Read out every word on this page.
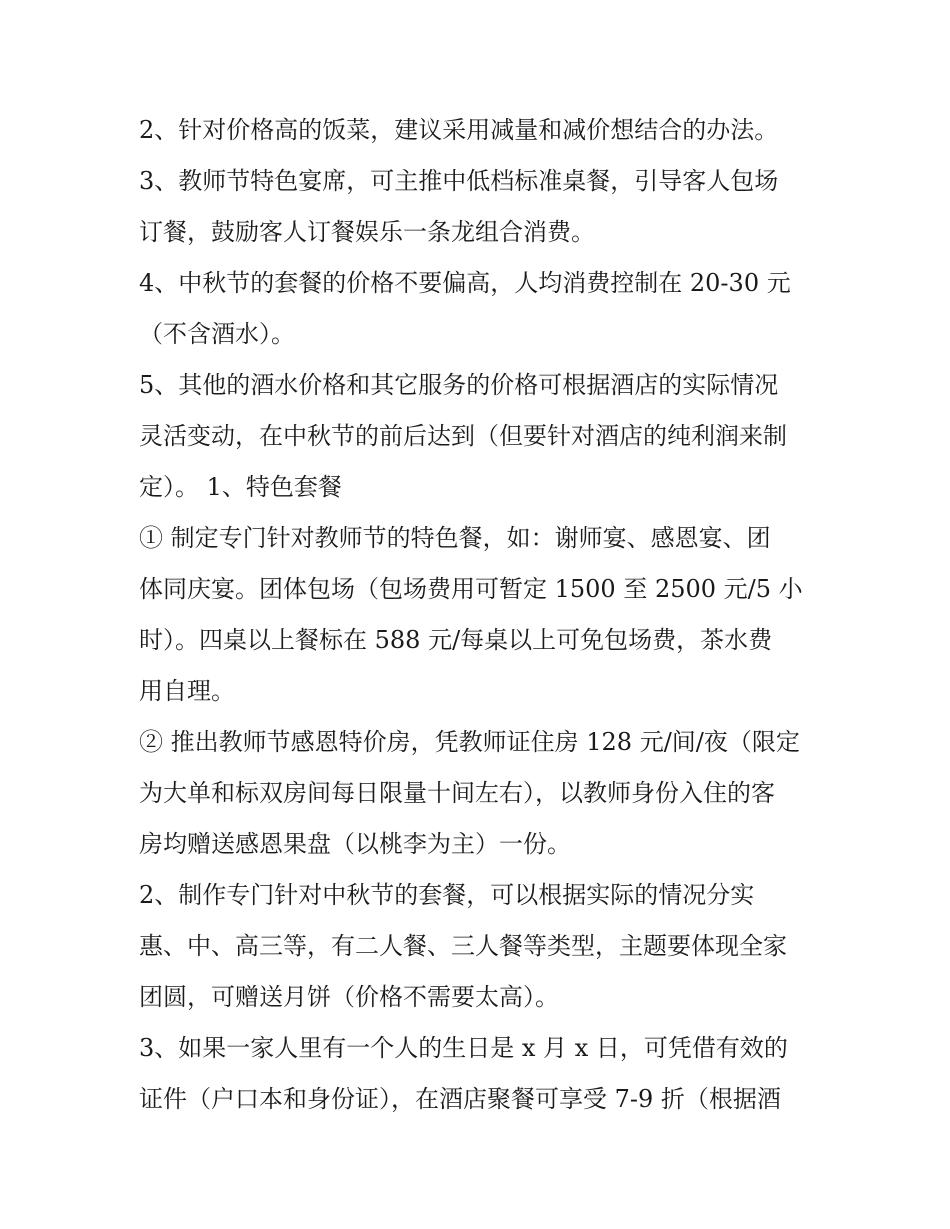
2、针对价格高的饭菜，建议采用减量和减价想结合的办法。
3、教师节特色宴席，可主推中低档标准桌餐，引导客人包场
订餐，鼓励客人订餐娱乐一条龙组合消费。
4、中秋节的套餐的价格不要偏高，人均消费控制在 20-30 元
（不含酒水）。
5、其他的酒水价格和其它服务的价格可根据酒店的实际情况
灵活变动，在中秋节的前后达到（但要针对酒店的纯利润来制
定）。 1、特色套餐
① 制定专门针对教师节的特色餐，如：谢师宴、感恩宴、团
体同庆宴。团体包场（包场费用可暂定 1500 至 2500 元/5 小
时）。四桌以上餐标在 588 元/每桌以上可免包场费，茶水费
用自理。
② 推出教师节感恩特价房，凭教师证住房 128 元/间/夜（限定
为大单和标双房间每日限量十间左右），以教师身份入住的客
房均赠送感恩果盘（以桃李为主）一份。
2、制作专门针对中秋节的套餐，可以根据实际的情况分实
惠、中、高三等，有二人餐、三人餐等类型，主题要体现全家
团圆，可赠送月饼（价格不需要太高）。
3、如果一家人里有一个人的生日是 x 月 x 日，可凭借有效的
证件（户口本和身份证），在酒店聚餐可享受 7-9 折（根据酒
